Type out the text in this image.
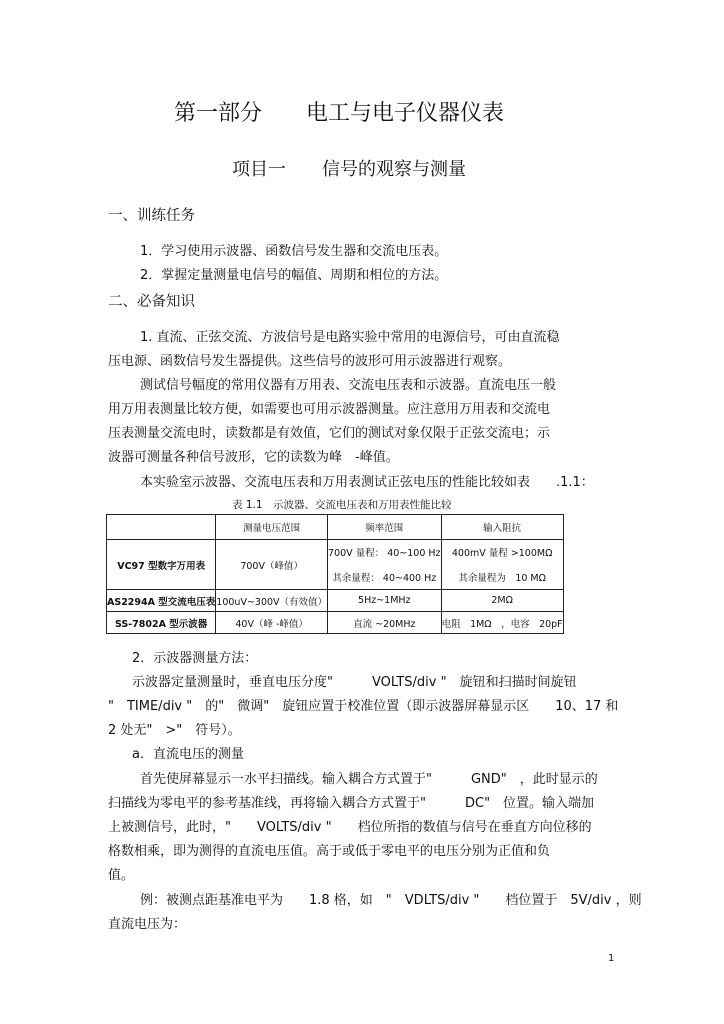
第一部分　　电工与电子仪器仪表
项目一　　信号的观察与测量
一、训练任务
1．学习使用示波器、函数信号发生器和交流电压表。
2．掌握定量测量电信号的幅值、周期和相位的方法。
二、必备知识
1. 直流、正弦交流、方波信号是电路实验中常用的电源信号，可由直流稳
压电源、函数信号发生器提供。这些信号的波形可用示波器进行观察。
测试信号幅度的常用仪器有万用表、交流电压表和示波器。直流电压一般
用万用表测量比较方便，如需要也可用示波器测量。应注意用万用表和交流电
压表测量交流电时，读数都是有效值，它们的测试对象仅限于正弦交流电；示
波器可测量各种信号波形，它的读数为峰　-峰值。
本实验室示波器、交流电压表和万用表测试正弦电压的性能比较如表　　.1.1：
表 1.1　示波器、交流电压表和万用表性能比较
	测量电压范围	频率范围	输入阻抗
VC97 型数字万用表	700V（峰值）	700V 量程： 40~100 Hz	400mV 量程 >100MΩ
		其余量程： 40~400 Hz	其余量程为　10 MΩ
AS2294A 型交流电压表	100uV~300V（有效值）	5Hz~1MHz	2MΩ
SS-7802A 型示波器	40V（峰 -峰值）	直流 ~20MHz	电阻　1MΩ　，电容　20pF
2．示波器测量方法：
示波器定量测量时，垂直电压分度"　　　VOLTS/div "　旋钮和扫描时间旋钮
"　TIME/div "　的"　微调"　旋钮应置于校准位置（即示波器屏幕显示区　　10、17 和
2 处无"　>"　符号）。
a．直流电压的测量
首先使屏幕显示一水平扫描线。输入耦合方式置于"　　　GND"　，此时显示的
扫描线为零电平的参考基准线，再将输入耦合方式置于"　　　DC"　位置。输入端加
上被测信号，此时，"　　VOLTS/div "　　档位所指的数值与信号在垂直方向位移的
格数相乘，即为测得的直流电压值。高于或低于零电平的电压分别为正值和负
值。
例：被测点距基准电平为　　1.8 格，如　"　VDLTS/div "　　档位置于　5V/div ，则
直流电压为：
1
